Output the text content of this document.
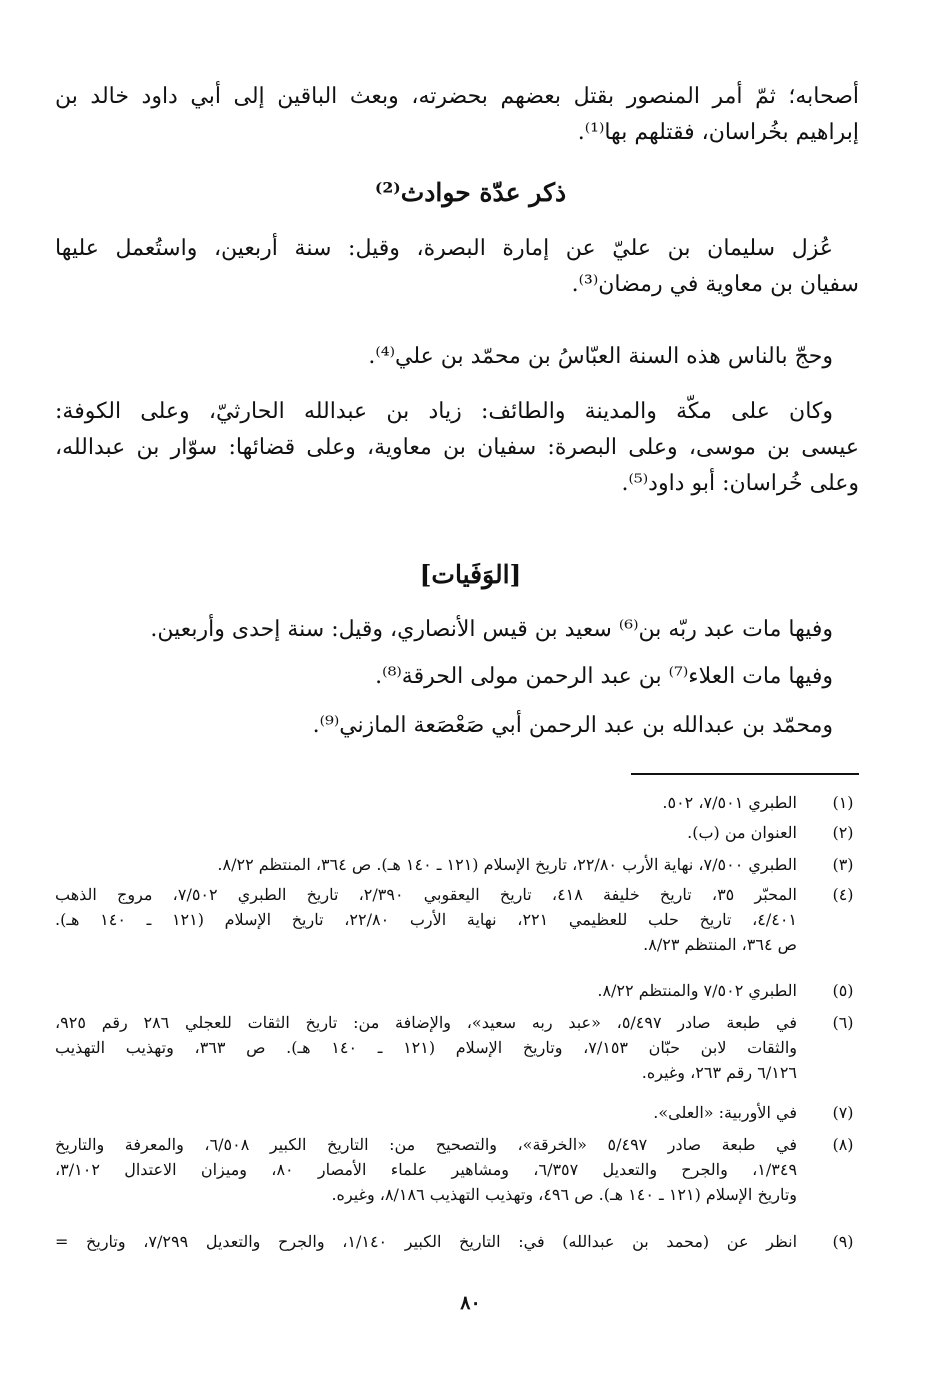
أصحابه؛ ثمّ أمر المنصور بقتل بعضهم بحضرته، وبعث الباقين إلى أبي داود خالد بن
إبراهيم بخُراسان، فقتلهم بها⁽¹⁾.
ذكر عدّة حوادث⁽²⁾
عُزل سليمان بن عليّ عن إمارة البصرة، وقيل: سنة أربعين، واستُعمل عليها
سفيان بن معاوية في رمضان⁽³⁾.
وحجّ بالناس هذه السنة العبّاسُ بن محمّد بن علي⁽⁴⁾.
وكان على مكّة والمدينة والطائف: زياد بن عبدالله الحارثيّ، وعلى الكوفة:
عيسى بن موسى، وعلى البصرة: سفيان بن معاوية، وعلى قضائها: سوّار بن عبدالله،
وعلى خُراسان: أبو داود⁽⁵⁾.
[الوَفَيات]
وفيها مات عبد ربّه بن⁽⁶⁾ سعيد بن قيس الأنصاري، وقيل: سنة إحدى وأربعين.
وفيها مات العلاء⁽⁷⁾ بن عبد الرحمن مولى الحرقة⁽⁸⁾.
ومحمّد بن عبدالله بن عبد الرحمن أبي صَعْصَعة المازني⁽⁹⁾.
(١)
الطبري ٧/٥٠١، ٥٠٢.
(٢)
العنوان من (ب).
(٣)
الطبري ٧/٥٠٠، نهاية الأرب ٢٢/٨٠، تاريخ الإسلام (١٢١ ـ ١٤٠ هـ). ص ٣٦٤، المنتظم ٨/٢٢.
(٤)
المحبّر ٣٥، تاريخ خليفة ٤١٨، تاريخ اليعقوبي ٢/٣٩٠، تاريخ الطبري ٧/٥٠٢، مروج الذهب
٤/٤٠١، تاريخ حلب للعظيمي ٢٢١، نهاية الأرب ٢٢/٨٠، تاريخ الإسلام (١٢١ ـ ١٤٠ هـ).
ص ٣٦٤، المنتظم ٨/٢٣.
(٥)
الطبري ٧/٥٠٢ والمنتظم ٨/٢٢.
(٦)
في طبعة صادر ٥/٤٩٧، «عبد ربه سعيد»، والإضافة من: تاريخ الثقات للعجلي ٢٨٦ رقم ٩٢٥،
والثقات لابن حبّان ٧/١٥٣، وتاريخ الإسلام (١٢١ ـ ١٤٠ هـ). ص ٣٦٣، وتهذيب التهذيب
٦/١٢٦ رقم ٢٦٣، وغيره.
(٧)
في الأوربية: «العلى».
(٨)
في طبعة صادر ٥/٤٩٧ «الخرقة»، والتصحيح من: التاريخ الكبير ٦/٥٠٨، والمعرفة والتاريخ
١/٣٤٩، والجرح والتعديل ٦/٣٥٧، ومشاهير علماء الأمصار ٨٠، وميزان الاعتدال ٣/١٠٢،
وتاريخ الإسلام (١٢١ ـ ١٤٠ هـ). ص ٤٩٦، وتهذيب التهذيب ٨/١٨٦، وغيره.
(٩)
انظر عن (محمد بن عبدالله) في: التاريخ الكبير ١/١٤٠، والجرح والتعديل ٧/٢٩٩، وتاريخ =
٨٠
